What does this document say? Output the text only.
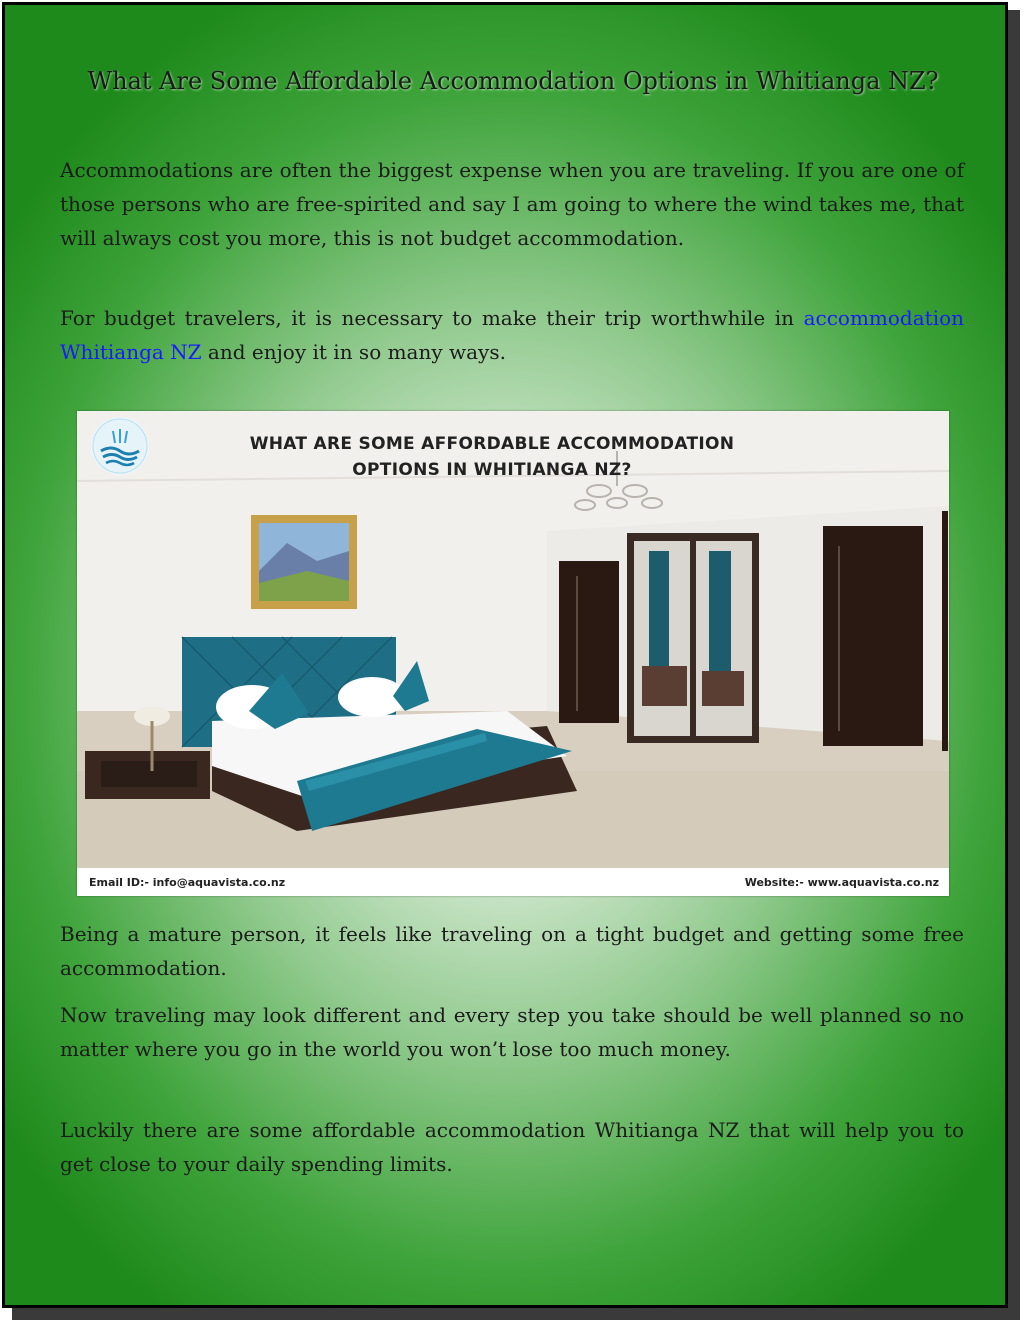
What Are Some Affordable Accommodation Options in Whitianga NZ?

Accommodations are often the biggest expense when you are traveling. If you are one of those persons who are free-spirited and say I am going to where the wind takes me, that will always cost you more, this is not budget accommodation.

For budget travelers, it is necessary to make their trip worthwhile in accommodation Whitianga NZ and enjoy it in so many ways.

WHAT ARE SOME AFFORDABLE ACCOMMODATION OPTIONS IN WHITIANGA NZ?
Email ID:- info@aquavista.co.nz	Website:- www.aquavista.co.nz

Being a mature person, it feels like traveling on a tight budget and getting some free accommodation.

Now traveling may look different and every step you take should be well planned so no matter where you go in the world you won’t lose too much money.

Luckily there are some affordable accommodation Whitianga NZ that will help you to get close to your daily spending limits.
